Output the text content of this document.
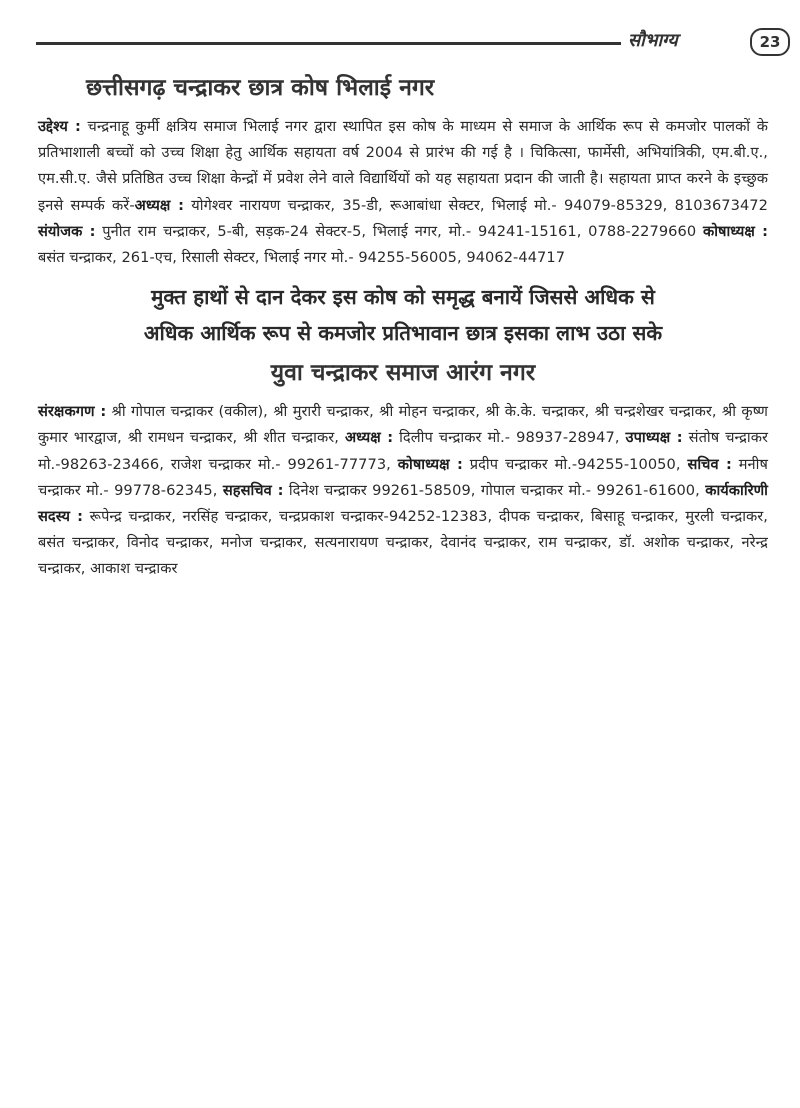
सौभाग्य	23
छत्तीसगढ़ चन्द्राकर छात्र कोष भिलाई नगर

उद्देश्य : चन्द्रनाहू कुर्मी क्षत्रिय समाज भिलाई नगर द्वारा स्थापित इस कोष के माध्यम से समाज के आर्थिक रूप से कमजोर पालकों के प्रतिभाशाली बच्चों को उच्च शिक्षा हेतु आर्थिक सहायता वर्ष 2004 से प्रारंभ की गई है । चिकित्सा, फार्मेसी, अभियांत्रिकी, एम.बी.ए., एम.सी.ए. जैसे प्रतिष्ठित उच्च शिक्षा केन्द्रों में प्रवेश लेने वाले विद्यार्थियों को यह सहायता प्रदान की जाती है। सहायता प्राप्त करने के इच्छुक इनसे सम्पर्क करें-अध्यक्ष : योगेश्वर नारायण चन्द्राकर, 35-डी, रूआबांधा सेक्टर, भिलाई मो.- 94079-85329, 8103673472 संयोजक : पुनीत राम चन्द्राकर, 5-बी, सड़क-24 सेक्टर-5, भिलाई नगर, मो.- 94241-15161, 0788-2279660 कोषाध्यक्ष : बसंत चन्द्राकर, 261-एच, रिसाली सेक्टर, भिलाई नगर मो.- 94255-56005, 94062-44717

मुक्त हाथों से दान देकर इस कोष को समृद्ध बनायें जिससे अधिक से
अधिक आर्थिक रूप से कमजोर प्रतिभावान छात्र इसका लाभ उठा सके
युवा चन्द्राकर समाज आरंग नगर

संरक्षकगण : श्री गोपाल चन्द्राकर (वकील), श्री मुरारी चन्द्राकर, श्री मोहन चन्द्राकर, श्री के.के. चन्द्राकर, श्री चन्द्रशेखर चन्द्राकर, श्री कृष्ण कुमार भारद्वाज, श्री रामधन चन्द्राकर, श्री शीत चन्द्राकर, अध्यक्ष : दिलीप चन्द्राकर मो.- 98937-28947, उपाध्यक्ष : संतोष चन्द्राकर मो.-98263-23466, राजेश चन्द्राकर मो.- 99261-77773, कोषाध्यक्ष : प्रदीप चन्द्राकर मो.-94255-10050, सचिव : मनीष चन्द्राकर मो.- 99778-62345, सहसचिव : दिनेश चन्द्राकर 99261-58509, गोपाल चन्द्राकर मो.- 99261-61600, कार्यकारिणी सदस्य : रूपेन्द्र चन्द्राकर, नरसिंह चन्द्राकर, चन्द्रप्रकाश चन्द्राकर-94252-12383, दीपक चन्द्राकर, बिसाहू चन्द्राकर, मुरली चन्द्राकर, बसंत चन्द्राकर, विनोद चन्द्राकर, मनोज चन्द्राकर, सत्यनारायण चन्द्राकर, देवानंद चन्द्राकर, राम चन्द्राकर, डॉ. अशोक चन्द्राकर, नरेन्द्र चन्द्राकर, आकाश चन्द्राकर
